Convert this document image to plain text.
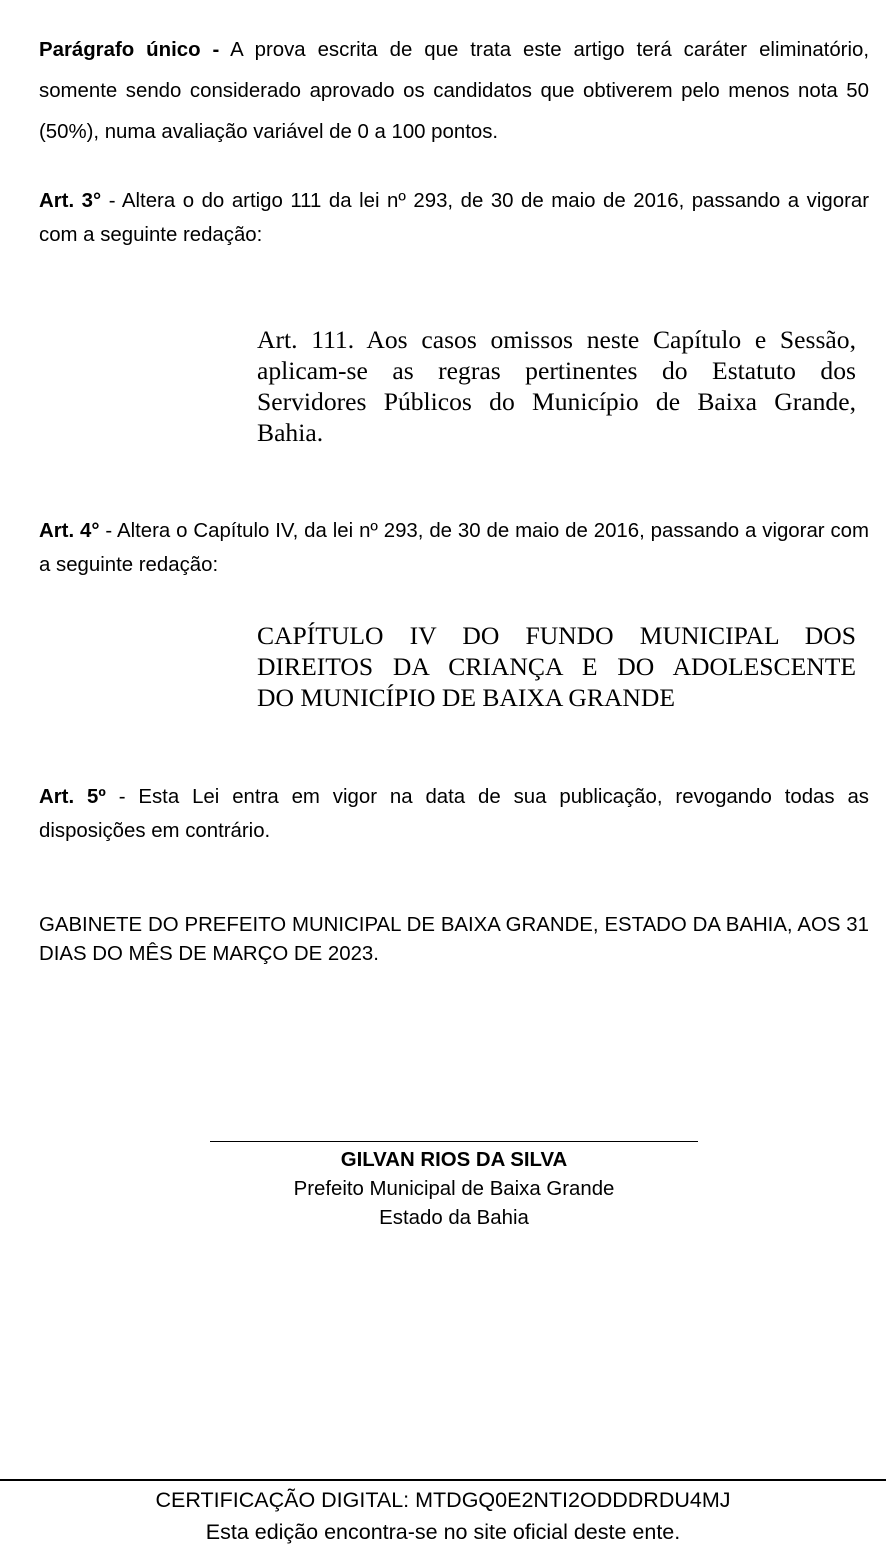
Parágrafo único - A prova escrita de que trata este artigo terá caráter eliminatório, somente sendo considerado aprovado os candidatos que obtiverem pelo menos nota 50 (50%), numa avaliação variável de 0 a 100 pontos.

Art. 3° - Altera o do artigo 111 da lei nº 293, de 30 de maio de 2016, passando a vigorar com a seguinte redação:

Art. 111. Aos casos omissos neste Capítulo e Sessão, aplicam-se as regras pertinentes do Estatuto dos Servidores Públicos do Município de Baixa Grande, Bahia.

Art. 4° - Altera o Capítulo IV, da lei nº 293, de 30 de maio de 2016, passando a vigorar com a seguinte redação:

CAPÍTULO IV DO FUNDO MUNICIPAL DOS
DIREITOS DA CRIANÇA E DO ADOLESCENTE
DO MUNICÍPIO DE BAIXA GRANDE

Art. 5º - Esta Lei entra em vigor na data de sua publicação, revogando todas as disposições em contrário.

GABINETE DO PREFEITO MUNICIPAL DE BAIXA GRANDE, ESTADO DA BAHIA, AOS 31 DIAS DO MÊS DE MARÇO DE 2023.

GILVAN RIOS DA SILVA
Prefeito Municipal de Baixa Grande
Estado da Bahia
CERTIFICAÇÃO DIGITAL: MTDGQ0E2NTI2ODDDRDU4MJ
Esta edição encontra-se no site oficial deste ente.
